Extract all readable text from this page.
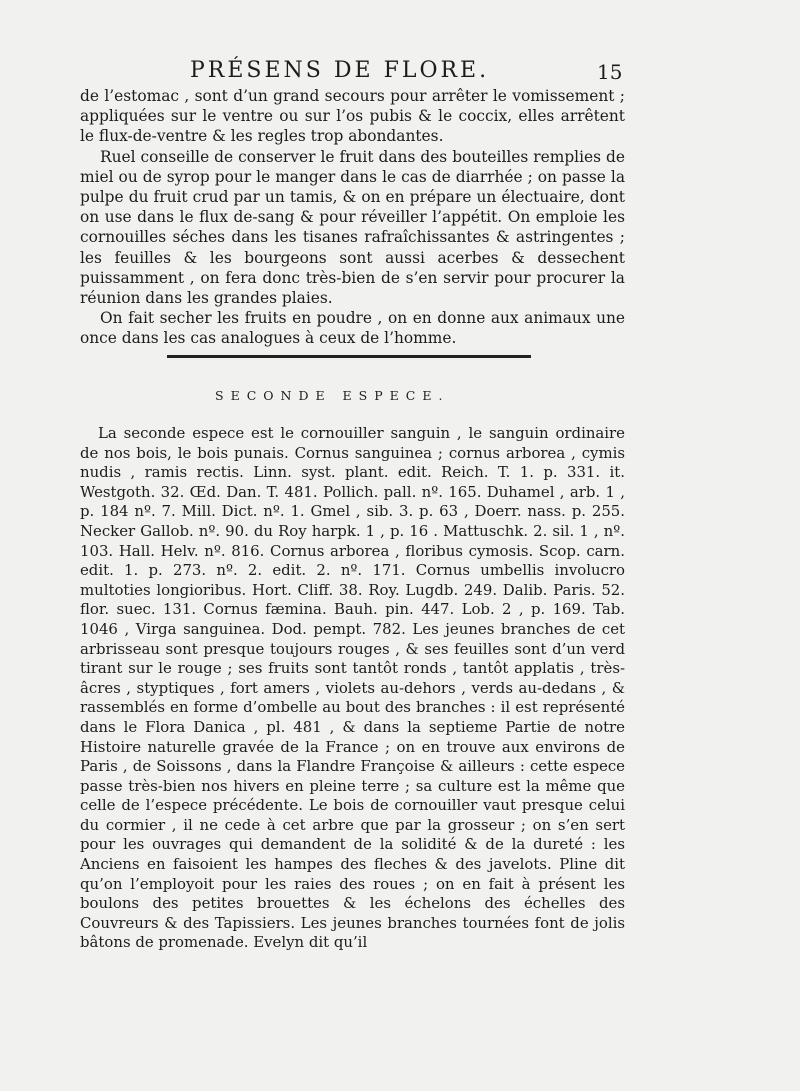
PRÉSENS DE FLORE.	15

de l’estomac , sont d’un grand secours pour arrêter le vomissement ; appliquées sur le ventre ou sur l’os pubis & le coccix, elles arrêtent le flux-de-ventre & les regles trop abondantes.

Ruel conseille de conserver le fruit dans des bouteilles remplies de miel ou de syrop pour le manger dans le cas de diarrhée ; on passe la pulpe du fruit crud par un tamis, & on en prépare un électuaire, dont on use dans le flux de-sang & pour réveiller l’appétit. On emploie les cornouilles séches dans les tisanes rafraîchissantes & astringentes ; les feuilles & les bourgeons sont aussi acerbes & dessechent puissamment , on fera donc très-bien de s’en servir pour procurer la réunion dans les grandes plaies.

On fait secher les fruits en poudre , on en donne aux animaux une once dans les cas analogues à ceux de l’homme.

SECONDE ESPECE.

La seconde espece est le cornouiller sanguin , le sanguin ordinaire de nos bois, le bois punais. Cornus sanguinea ; cornus arborea , cymis nudis , ramis rectis. Linn. syst. plant. edit. Reich. T. 1. p. 331. it. Westgoth. 32. Œd. Dan. T. 481. Pollich. pall. nº. 165. Duhamel , arb. 1 , p. 184 nº. 7. Mill. Dict. nº. 1. Gmel , sib. 3. p. 63 , Doerr. nass. p. 255. Necker Gallob. nº. 90. du Roy harpk. 1 , p. 16 . Mattuschk. 2. sil. 1 , nº. 103. Hall. Helv. nº. 816. Cornus arborea , floribus cymosis. Scop. carn. edit. 1. p. 273. nº. 2. edit. 2. nº. 171. Cornus umbellis involucro multoties longioribus. Hort. Cliff. 38. Roy. Lugdb. 249. Dalib. Paris. 52. flor. suec. 131. Cornus fæmina. Bauh. pin. 447. Lob. 2 , p. 169. Tab. 1046 , Virga sanguinea. Dod. pempt. 782. Les jeunes branches de cet arbrisseau sont presque toujours rouges , & ses feuilles sont d’un verd tirant sur le rouge ; ses fruits sont tantôt ronds , tantôt applatis , très-âcres , styptiques , fort amers , violets au-dehors , verds au-dedans , & rassemblés en forme d’ombelle au bout des branches : il est représenté dans le Flora Danica , pl. 481 , & dans la septieme Partie de notre Histoire naturelle gravée de la France ; on en trouve aux environs de Paris , de Soissons , dans la Flandre Françoise & ailleurs : cette espece passe très-bien nos hivers en pleine terre ; sa culture est la même que celle de l’espece précédente. Le bois de cornouiller vaut presque celui du cormier , il ne cede à cet arbre que par la grosseur ; on s’en sert pour les ouvrages qui demandent de la solidité & de la dureté : les Anciens en faisoient les hampes des fleches & des javelots. Pline dit qu’on l’employoit pour les raies des roues ; on en fait à présent les boulons des petites brouettes & les échelons des échelles des Couvreurs & des Tapissiers. Les jeunes branches tournées font de jolis bâtons de promenade. Evelyn dit qu’il
